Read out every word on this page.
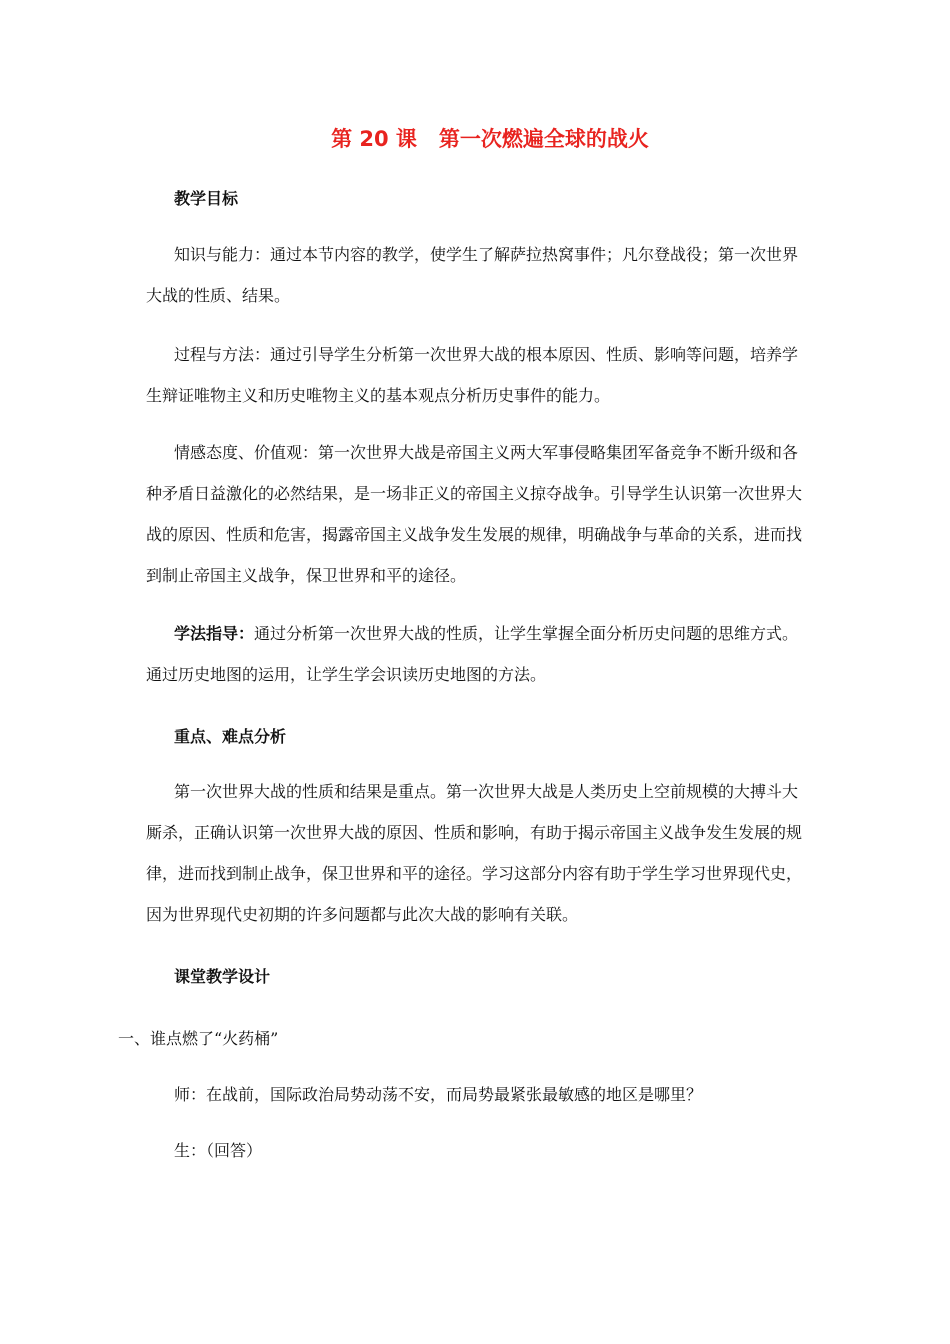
第 20 课 第一次燃遍全球的战火
教学目标

知识与能力：通过本节内容的教学，使学生了解萨拉热窝事件；凡尔登战役；第一次世界大战的性质、结果。

过程与方法：通过引导学生分析第一次世界大战的根本原因、性质、影响等问题，培养学生辩证唯物主义和历史唯物主义的基本观点分析历史事件的能力。

情感态度、价值观：第一次世界大战是帝国主义两大军事侵略集团军备竞争不断升级和各种矛盾日益激化的必然结果，是一场非正义的帝国主义掠夺战争。引导学生认识第一次世界大战的原因、性质和危害，揭露帝国主义战争发生发展的规律，明确战争与革命的关系，进而找到制止帝国主义战争，保卫世界和平的途径。

学法指导：通过分析第一次世界大战的性质，让学生掌握全面分析历史问题的思维方式。通过历史地图的运用，让学生学会识读历史地图的方法。

重点、难点分析

第一次世界大战的性质和结果是重点。第一次世界大战是人类历史上空前规模的大搏斗大厮杀，正确认识第一次世界大战的原因、性质和影响，有助于揭示帝国主义战争发生发展的规律，进而找到制止战争，保卫世界和平的途径。学习这部分内容有助于学生学习世界现代史，因为世界现代史初期的许多问题都与此次大战的影响有关联。

课堂教学设计
一、谁点燃了“火药桶”
师：在战前，国际政治局势动荡不安，而局势最紧张最敏感的地区是哪里？
生：（回答）
